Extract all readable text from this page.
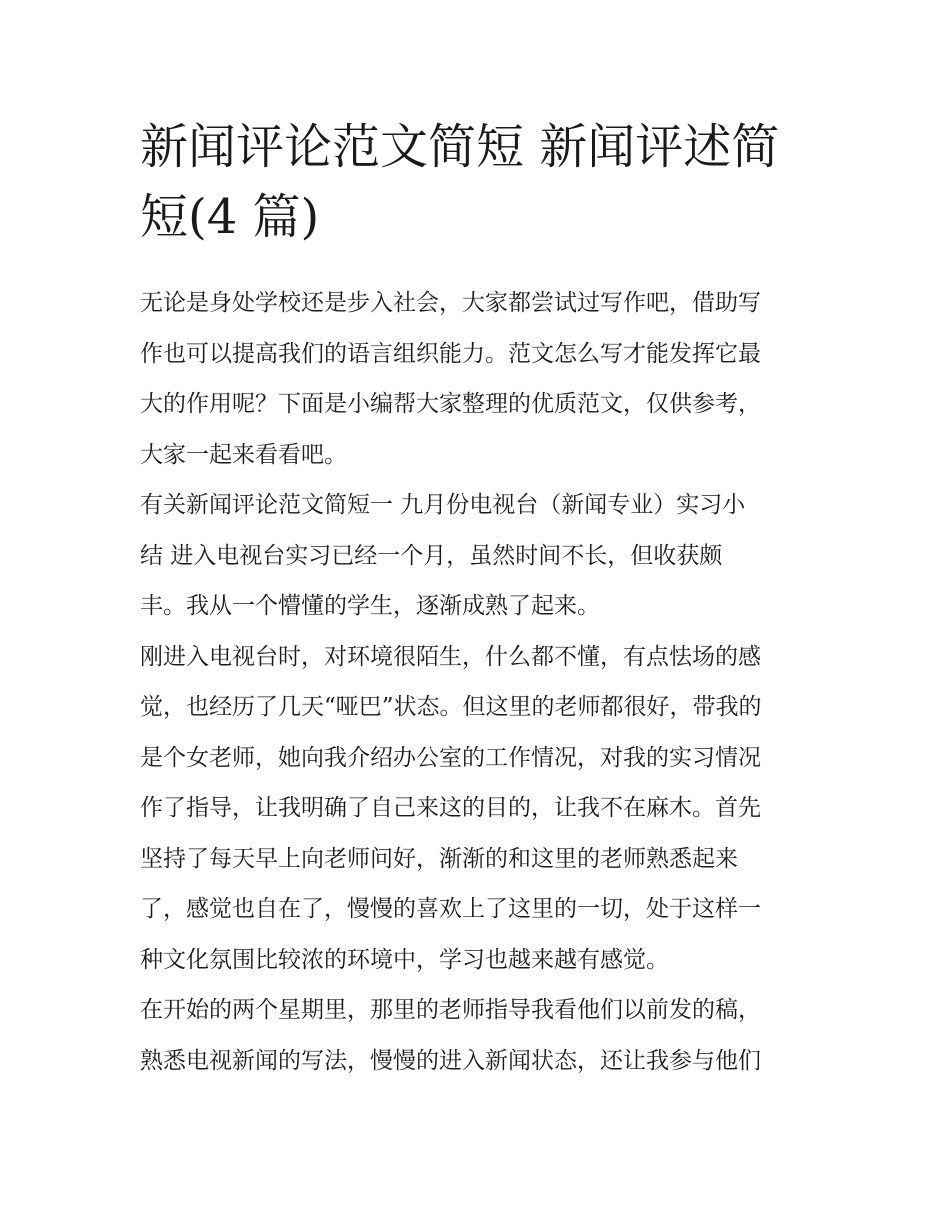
新闻评论范文简短 新闻评述简
短(4 篇)
无论是身处学校还是步入社会，大家都尝试过写作吧，借助写
作也可以提高我们的语言组织能力。范文怎么写才能发挥它最
大的作用呢？下面是小编帮大家整理的优质范文，仅供参考，
大家一起来看看吧。
有关新闻评论范文简短一 九月份电视台（新闻专业）实习小
结 进入电视台实习已经一个月，虽然时间不长，但收获颇
丰。我从一个懵懂的学生，逐渐成熟了起来。
刚进入电视台时，对环境很陌生，什么都不懂，有点怯场的感
觉，也经历了几天“哑巴”状态。但这里的老师都很好，带我的
是个女老师，她向我介绍办公室的工作情况，对我的实习情况
作了指导，让我明确了自己来这的目的，让我不在麻木。首先
坚持了每天早上向老师问好，渐渐的和这里的老师熟悉起来
了，感觉也自在了，慢慢的喜欢上了这里的一切，处于这样一
种文化氛围比较浓的环境中，学习也越来越有感觉。
在开始的两个星期里，那里的老师指导我看他们以前发的稿，
熟悉电视新闻的写法，慢慢的进入新闻状态，还让我参与他们
